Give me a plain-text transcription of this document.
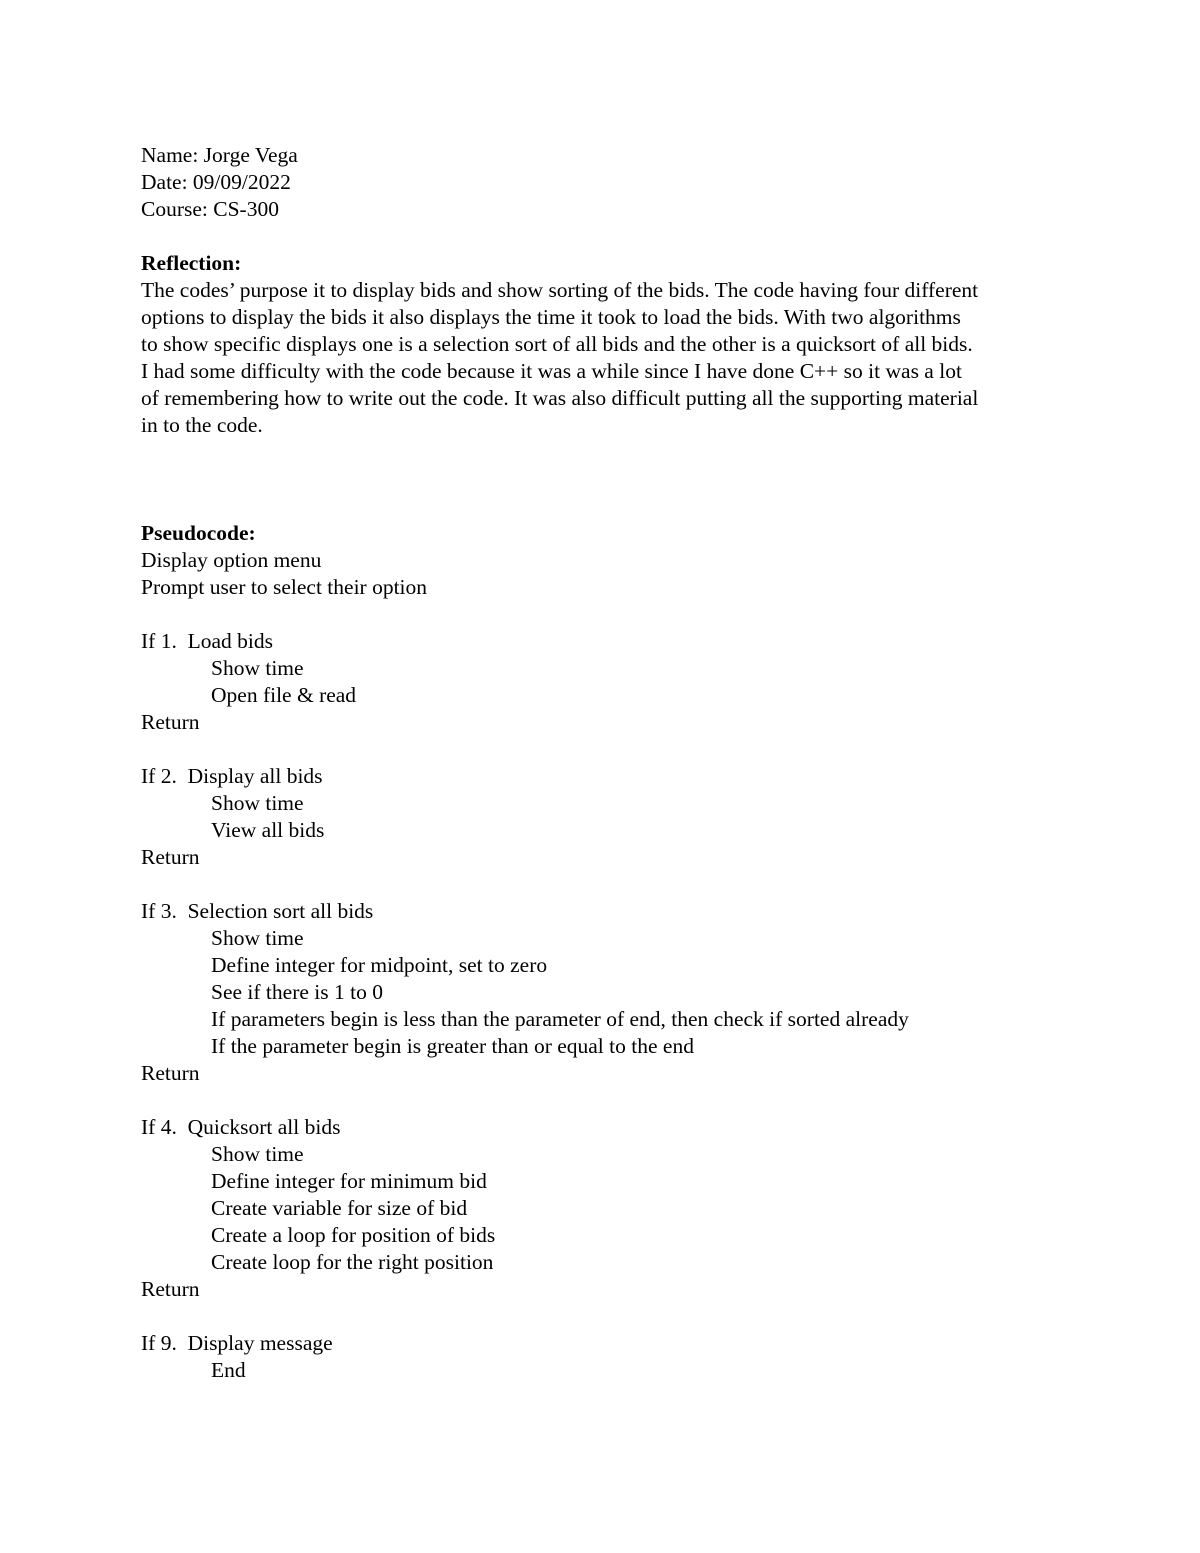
Name: Jorge Vega
Date: 09/09/2022
Course: CS-300
Reflection:
The codes’ purpose it to display bids and show sorting of the bids. The code having four different
options to display the bids it also displays the time it took to load the bids. With two algorithms
to show specific displays one is a selection sort of all bids and the other is a quicksort of all bids.
I had some difficulty with the code because it was a while since I have done C++ so it was a lot
of remembering how to write out the code. It was also difficult putting all the supporting material
in to the code.
Pseudocode:
Display option menu
Prompt user to select their option
If 1.  Load bids
Show time
Open file & read
Return
If 2.  Display all bids
Show time
View all bids
Return
If 3.  Selection sort all bids
Show time
Define integer for midpoint, set to zero
See if there is 1 to 0
If parameters begin is less than the parameter of end, then check if sorted already
If the parameter begin is greater than or equal to the end
Return
If 4.  Quicksort all bids
Show time
Define integer for minimum bid
Create variable for size of bid
Create a loop for position of bids
Create loop for the right position
Return
If 9.  Display message
End
